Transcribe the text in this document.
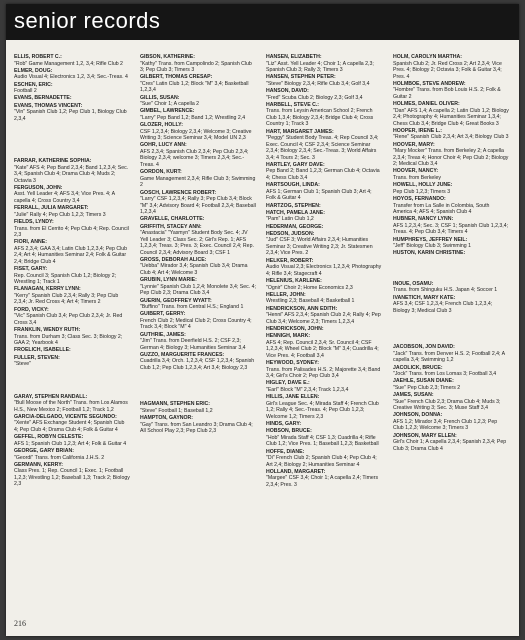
senior records
ELLIS, ROBERT C.:
"Rob" Game Management 1,2, 3,4; Rifle Club 2
ELMER, DOUG:
Audio Visual 4; Electronics 1,2, 3,4; Sec.-Treas. 4
ESCHEN, ERIC:
Football 2
EVANS, BERNADETTE:
EVANS, THOMAS VINCENT:
"Vin" Spanish Club 1,2; Pep Club 1, Biology Club 2,3,4
FARRAR, KATHERINE SOPHIA:
"Kate" AFS 4; Pep Band 2,3,4; Band 1,2,3,4; Sec. 3,4; Spanish Club 4; Drama Club 4; Muds 2; Octavia 3
FERGUSON, JOHN:
Asst. Yell Leader 4; AFS 3,4; Vice Pres. 4; A capella 4; Cross Country 3,4
FERRALL, JULIA MARGARET:
"Julie" Rally 4; Pep Club 1,2,3; Timers 3
FIELDS, LYNDY:
Trans. from El Cerrito 4; Pep Club 4; Rep. Council 2,3
FIORI, ANNE:
AFS 2,3,4; GAA 3,4; Latin Club 1,2,3,4; Pep Club 2,4; Art 4; Humanities Seminar 2,4; Folk & Guitar 2,4; Bridge Club 4
FISET, GARY:
Rep. Council 3; Spanish Club 1,2; Biology 2; Wrestling 1; Track 1
FLANAGAN, KERRY LYNN:
"Kerry" Spanish Club 2,3,4; Rally 3; Pep Club 2,3,4; Jr. Red Cross 4; Art 4; Timers 2
FORD, VICKY:
"Vic" Spanish Club 3,4; Pep Club 2,3,4; Jr. Red Cross 3,4
FRANKLIN, WENDY RUTH:
Trans. from Durham 3; Class Sec. 3; Biology 2; GAA 2; Yearbook 4
FROELICH, ISABELLE:
FULLER, STEVEN:
"Steve"
GARAY, STEPHEN RANDALL:
"Bull Moose of the North" Trans. from Los Alamos H.S., New Mexico 2; Football 1,2; Track 1,2
GARCIA-DELGADO, VICENTE SEGUNDO:
"Xente" AFS Exchange Student 4; Spanish Club 4; Pep Club 4; Drama Club 4; Folk & Guitar 4
GEFFEL, ROBYN CELESTE:
AFS 1; Spanish Club 1,2,3; Art 4; Folk & Guitar 4
GEORGE, GARY BRIAN:
"Geordi" Trans. from California J.H.S. 2
GERMANN, KERRY:
Class Pres. 1; Rep. Council 1; Exec. 1; Football 1,2,3; Wrestling 1,2; Baseball 1,3; Track 2; Biology 2,3
GIBSON, KATHERINE:
"Kathy" Trans. from Campolindo 2; Spanish Club 3; Pep Club 3; Timers 3
GILBERT, THOMAS CRESAP:
"Cres" Latin Club 1,2; Block "M" 3,4; Basketball 1,2,3,4
GILLIS, SUSAN:
"Sue" Choir 1; A capella 2
GIMBEL, LAWRENCE:
"Larry" Pep Band 1,2; Band 1,2; Wrestling 2,4
GLOZER, HOLLY:
CSF 1,2,3,4; Biology 2,3,4; Welcome 3; Creative Writing 3; Science Seminar 3,4; Model UN 2,3
GOHR, LUCY ANN:
AFS 2,3,4; Spanish Club 2,3,4; Pep Club 2,3,4; Biology 2,3,4; welcome 3; Timers 2,3,4; Sec.-Treas. 4
GORDON, KURT:
Game Management 2,3,4; Rifle Club 3; Swimming 2
GOSCH, LAWRENCE ROBERT:
"Larry" CSF 1,2,3,4; Rally 3; Pep Club 3,4; Block "M" 3,4; Advisory Board 4; Football 2,3,4; Baseball 1,2,3,4
GRAVELLE, CHARLOTTE:
GRIFFITH, STACEY ANN:
"Anastacia" "Yasmyn" Student Body Sec. 4; JV Yell Leader 3; Class Sec. 2; Girl's Rep. 1; AFS 1,2,3,4; Treas. 3; Pres. 3; Exec. Council 2,4; Rep. Council 2,3,4; Advisory Board 3; CSF 1
GROSS, DEBORAH ALICE:
"Uebba" Mirador 3,4; Spanish Club 3,4; Drama Club 4; Art 4; Welcome 3
GRUBIN, LYNN MARIE:
"Lynnie" Spanish Club 1,2,4; Monolete 3,4; Sec. 4; Pep Club 2,3; Drama Club 3,4
GUERIN, GEOFFREY WYATT:
"Buffino" Trans. from Central H.S.; England 1
GUIBERT, GERRY:
French Club 2; Medical Club 2; Cross Country 4; Track 3,4; Block "M" 4
GUTHRIE, JAMES:
"Jim" Trans. from Deerfield H.S. 2; CSF 2,3; German 4; Biology 3; Humanities Seminar 3,4
GUZZO, MARGUERITE FRANCES:
Cuadrilla 3,4; Orch. 1,2,3,4; CSF 1,2,3,4; Spanish Club 1,2; Pep Club 1,2,3,4; Art 3,4; Biology 2,3
HAGMANN, STEPHEN ERIC:
"Steve" Football 1; Baseball 1,2
HAMPTON, GAYNOR:
"Gay" Trans. from San Leandro 3; Drama Club 4; All School Play 2,3; Pep Club 2,3
HANSEN, ELIZABETH:
"Liz" Asst. Yell Leader 4; Choir 1; A capella 2,3; Spanish Club 3; Rally 3; Timers 3
HANSEN, STEPHEN PETER:
"Steve" Biology 2,3,4; Rifle Club 3,4; Golf 3,4
HANSON, DAVID:
"Fred" Scuba Club 2; Biology 2,3; Golf 3,4
HARBELL, STEVE C.:
Trans. from Leysin American School 2; French Club 1,3,4; Biology 2,3,4; Bridge Club 4; Cross Country 1; Track 3
HART, MARGARET JAMES:
"Peggy" Student Body Treas. 4; Rep Council 3,4; Exec. Council 4; CSF 2,3,4; Science Seminar 2,3,4; Biology 2,3,4; Sec.-Treas. 3; World Affairs 3,4; 4 Tours 2; Sec. 3
HARTLEY, GARY DAVE:
Pep Band 2; Band 1,2,3; German Club 4; Octavia 4; Chess Club 3,4
HARTSOUGH, LINDA:
AFS 1; German Club 1; Spanish Club 3; Art 4; Folk & Guitar 4
HARTZOG, STEPHEN:
HATCH, PAMELA JANE:
"Pam" Latin Club 1,2
HEDERMAN, GEORGE:
HEDSON, JUDSON:
"Jud" CSF 3; World Affairs 2,3,4; Humanities Seminar 3; Creative Writing 2,3; Jr. Statesmen 2,3,4; Vice Pres. 2
HELKER, ROBERT:
Audio Visual 2,3; Electronics 1,2,3,4; Photography 4; Rifle 3,4; Stagecraft 4
HELENIUS, KARLENE:
"Ognir" Choir 2; Home Economics 2,3
HELLER, JOHN:
Wrestling 2,3; Baseball 4; Basketball 1
HENDRICKSON, ANN EDITH:
"Henni" AFS 2,3,4; Spanish Club 2,4; Rally 4; Pep Club 3,4; Welcome 2,3; Timers 1,2,3,4
HENDRICKSON, JOHN:
HENNIGH, MARK:
AFS 4; Rep. Council 2,3,4; Sr. Council 4; CSF 1,2,3,4; Wheel Club 2; Block "M" 3,4; Cuadrilla 4; Vice Pres. 4; Football 3,4
HEYWOOD, SYDNEY:
Trans. from Palisades H.S. 2; Majorette 3,4; Band 3,4; Girl's Choir 2; Pep Club 3,4
HIGLEY, DAVE E.:
"Earl" Block "M" 2,3,4; Track 1,2,3,4
HILLIS, JANE ELLEN:
Girl's League Sec. 4; Mirada Staff 4; French Club 1,2; Rally 4; Sec.-Treas. 4; Pep Club 1,2,3; Welcome 1,2; Timers 2,3
HINDS, GARY:
HOBSON, BRUCE:
"Hob" Mirada Staff 4; CSF 1,3; Cuadrilla 4; Rifle Club 1,2; Vice Pres. 1; Baseball 1,2,3; Basketball
HOFFE, DIANE:
"Di" French Club 2; Spanish Club 4; Pep Club 4; Art 2,4; Biology 2; Humanities Seminar 4
HOLLAND, MARGARET:
"Margee" CSF 3,4; Choir 1; A capella 2,4; Timers 2,3,4; Pres. 3
HOLM, CAROLYN MARTHA:
Spanish Club 2; Jr. Red Cross 2; Art 2,3,4; Vice Pres. 4; Biology 2; Octavia 3; Folk & Guitar 3,4; Pres. 4
HOLMBOE, STEVE ANDREW:
"Hombre" Trans. from Bob Louis H.S. 2; Folk & Guitar 2
HOLMES, DANIEL OLIVER:
"Dan" AFS 1,4; A capella 2; Latin Club 1,2; Biology 2,4; Photography 4; Humanities Seminar 1,3,4; Chess Club 3,4; Bridge Club 4; Great Books 3
HOOPER, IRENE L.:
"Rene" Spanish Club 2,3,4; Art 3,4; Biology Club 3
HOOVER, MARY:
"Mary Mocker" Trans. from Berkeley 2; A capella 2,3,4; Treas 4; Honor Choir 4; Pep Club 2; Biology 2; Medical Club 3,4
HOOVER, NANCY:
Trans. from Berkeley
HOWELL, HOLLY JUNE:
Pep Club 1,2,3; Timers 3
HOYOS, FERNANDO:
Transfer from La Salle in Colombia, South America 4; AFS 4; Spanish Club 4
HUBNER, NANCY LYNN:
AFS 1,2,3,4; Sec. 3; CSF 1; Spanish Club 1,2,3,4; Treas. 4; Pep Club 3,4; Timers 4
HUMPHREYS, JEFFREY NEIL:
"Jeff" Biology Club 3; Swimming 1
HUSTON, KARIN CHRISTINE:
INOUE, OSAMU:
Trans. from Shinguku H.S. Japan 4; Soccer 1
IVANETICH, MARY KATE:
AFS 3,4; CSF 1,2,3,4; French Club 1,2,3,4; Biology 3; Medical Club 3
JACOBSON, JON DAVID:
"Jack" Trans. from Denver H.S. 2; Football 2,4; A capella 3,4; Swimming 1,2
JACOLICK, BRUCE:
"Jock" Trans. from Los Lomas 3; Football 3,4
JAEHLE, SUSAN DIANE:
"Sue" Pep Club 2,3; Timers 2
JAMES, SUSAN:
"Sue" French Club 2,3; Drama Club 4; Muds 3; Creative Writing 3; Sec. 3; Muse Staff 3,4
JOHNSON, DONNA:
AFS 1,2; Mirador 3,4; French Club 1,2,3; Pep Club 1,2,3; Welcome 3; Timers 3
JOHNSON, MARY ELLEN:
Girl's Choir 1; A capella 2,3,4; Spanish 2,3,4; Pep Club 3; Drama Club 4
216
